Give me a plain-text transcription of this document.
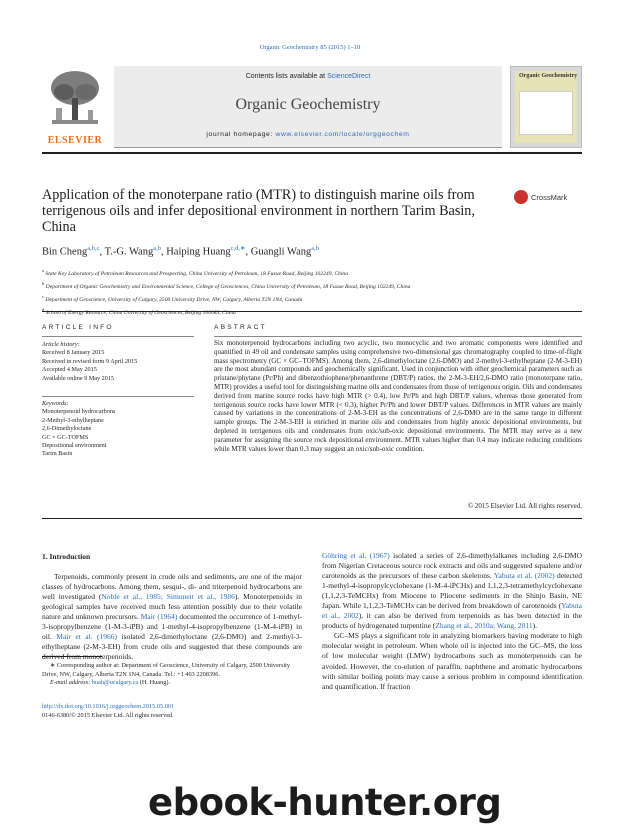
Organic Geochemistry 85 (2015) 1–10
ELSEVIER
Contents lists available at ScienceDirect
Organic Geochemistry
journal homepage: www.elsevier.com/locate/orggeochem
Organic Geochemistry
Application of the monoterpane ratio (MTR) to distinguish marine oils from terrigenous oils and infer depositional environment in northern Tarim Basin, China
CrossMark
Bin Cheng$^{a,b,c}$, T.-G. Wang$^{a,b}$, Haiping Huang$^{c,d,∗}$, Guangli Wang$^{a,b}$
$^a$ State Key Laboratory of Petroleum Resources and Prospecting, China University of Petroleum, 18 Fuxue Road, Beijing 102249, China
$^b$ Department of Organic Geochemistry and Environmental Science, College of Geosciences, China University of Petroleum, 18 Fuxue Road, Beijing 102249, China
$^c$ Department of Geoscience, University of Calgary, 2500 University Drive, NW, Calgary, Alberta T2N 1N4, Canada
$^d$ School of Energy Resource, China University of Geosciences, Beijing 100083, China
ARTICLE INFO	ABSTRACT
Article history:
Received 8 January 2015
Received in revised form 9 April 2015
Accepted 4 May 2015
Available online 9 May 2015
Keywords:
Monoterpenoid hydrocarbons
2-Methyl-3-ethylheptane
2,6-Dimethyloctane
GC × GC-TOFMS
Depositional environment
Tarim Basin
Six monoterpenoid hydrocarbons including two acyclic, two monocyclic and two aromatic components were identified and quantified in 49 oil and condensate samples using comprehensive two-dimensional gas chromatography coupled to time-of-flight mass spectrometry (GC × GC–TOFMS). Among them, 2,6-dimethyloctane (2,6-DMO) and 2-methyl-3-ethylheptane (2-M-3-EH) are the most abundant compounds and geochemically significant. Used in conjunction with other geochemical parameters such as pristane/phytane (Pr/Ph) and dibenzothiophene/phenanthrene (DBT/P) ratios, the 2-M-3-EH/2,6-DMO ratio (monoterpane ratio, MTR) provides a useful tool for distinguishing marine oils and condensates from those of terrigenous origin. Oils and condensates derived from marine source rocks have high MTR (> 0.4), low Pr/Ph and high DBT/P values, whereas those generated from terrigenous source rocks have lower MTR (< 0.3), higher Pr/Ph and lower DBT/P values. Differences in MTR values are mainly caused by variations in the concentrations of 2-M-3-EH as the concentrations of 2,6-DMO are in the same range in different sample groups. The 2-M-3-EH is enriched in marine oils and condensates from highly anoxic depositional environments, but depleted in terrigenous oils and condensates from oxic/sub-oxic depositional environments. The MTR may serve as a new parameter for assigning the source rock depositional environment. MTR values higher than 0.4 may indicate reducing conditions while MTR values lower than 0.3 may suggest an oxic/sub-oxic condition.
© 2015 Elsevier Ltd. All rights reserved.
1. Introduction

Terpenoids, commonly present in crude oils and sediments, are one of the major classes of hydrocarbons. Among them, sesqui-, di- and triterpenoid hydrocarbons are well investigated (Noble et al., 1985; Simoneit et al., 1986). Monoterpenoids in geological samples have received much less attention possibly due to their volatile nature and unknown precursors. Mair (1964) documented the occurrence of 1-methyl-3-isopropylbenzene (1-M-3-iPB) and 1-methyl-4-isopropylbenzene (1-M-4-iPB) in oil. Mair et al. (1966) isolated 2,6-dimethyloctane (2,6-DMO) and 2-methyl-3-ethylheptane (2-M-3-EH) from crude oils and suggested that these compounds are derived from monoterpenoids.

Göhring et al. (1967) isolated a series of 2,6-dimethylalkanes including 2,6-DMO from Nigerian Cretaceous source rock extracts and oils and suggested squalene and/or carotenoids as the precursors of these carbon skeletons. Yabuta et al. (2002) detected 1-methyl-4-isopropylcyclohexane (1-M-4-iPCHx) and 1,1,2,3-tetramethylcyclohexane (1,1,2,3-TeMCHx) from Miocene to Pliocene sediments in the Shinjo Basin, NE Japan. While 1,1,2,3-TeMCHx can be derived from breakdown of carotenoids (Yabuta et al., 2002), it can also be derived from terpenoids as has been detected in the products of hydrogenated turpentine (Zhang et al., 2010a; Wang, 2011).

GC–MS plays a significant role in analyzing biomarkers having moderate to high molecular weight in petroleum. When whole oil is injected into the GC–MS, the loss of low molecular weight (LMW) hydrocarbons such as monoterpenoids can be avoided. However, the co-elution of paraffin, naphthene and aromatic hydrocarbons with similar boiling points may cause a serious problem in compound identification and quantification. If fraction

∗ Corresponding author at: Department of Geoscience, University of Calgary, 2500 University Drive, NW, Calgary, Alberta T2N 1N4, Canada. Tel.: +1 403 2208396.
E-mail address: huah@ucalgary.ca (H. Huang).
http://dx.doi.org/10.1016/j.orggeochem.2015.05.001
0146-6380/© 2015 Elsevier Ltd. All rights reserved.
ebook-hunter.org
